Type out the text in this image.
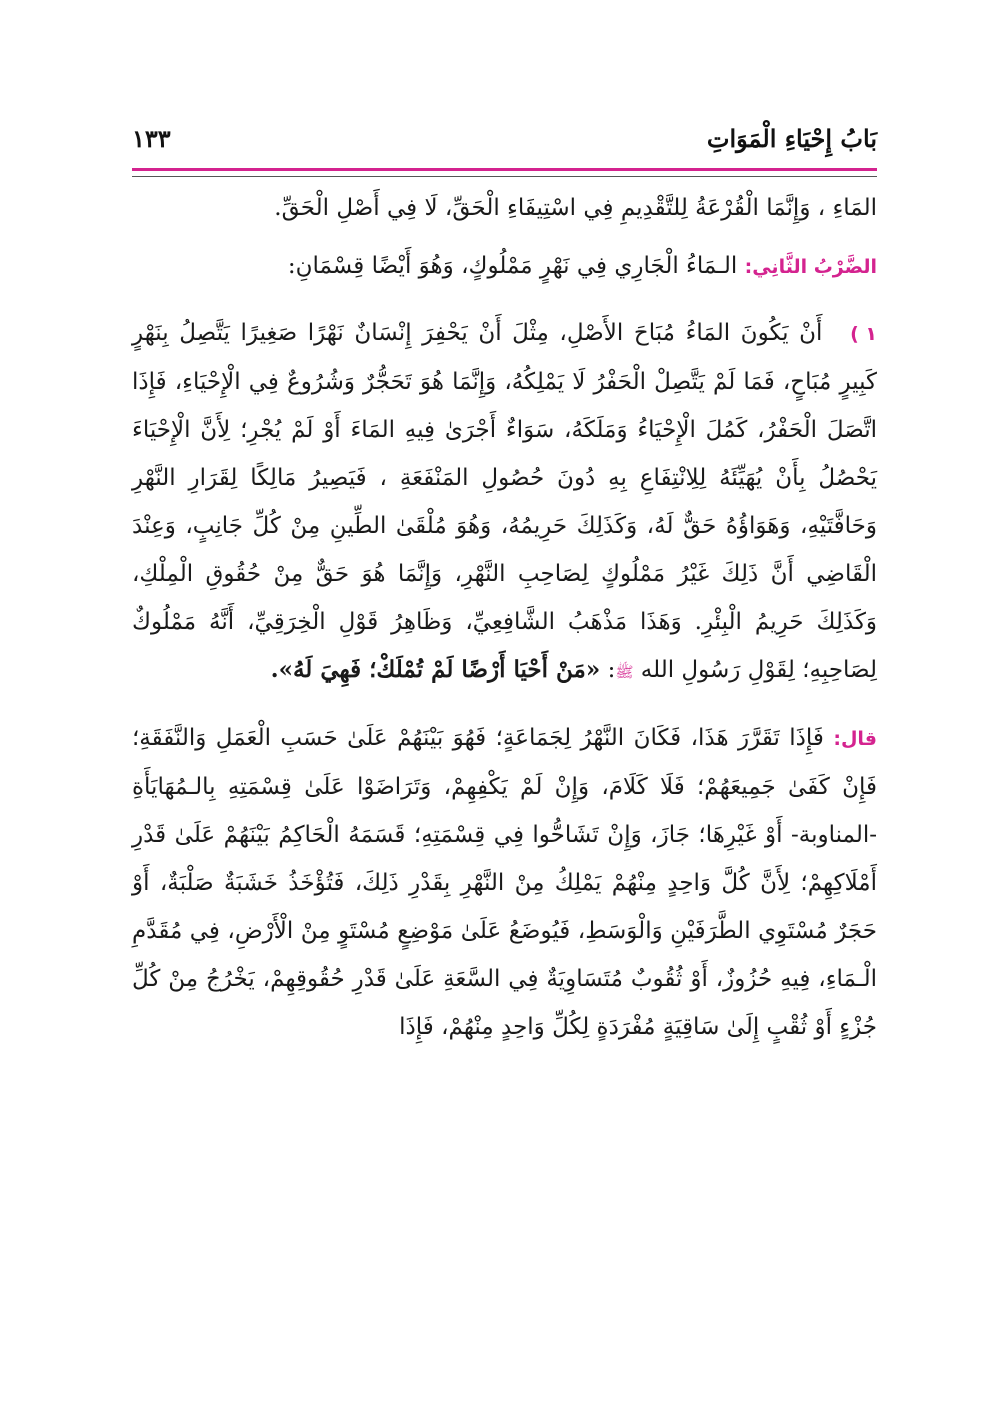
بَابُ إِحْيَاءِ الْمَوَاتِ
١٣٣

المَاءِ ، وَإِنَّمَا الْقُرْعَةُ لِلتَّقْدِيمِ فِي اسْتِيفَاءِ الْحَقِّ، لَا فِي أَصْلِ الْحَقِّ.

الضَّرْبُ الثَّانِي: الـمَاءُ الْجَارِي فِي نَهْرٍ مَمْلُوكٍ، وَهُوَ أَيْضًا قِسْمَانِ:

١ ) أَنْ يَكُونَ المَاءُ مُبَاحَ الأَصْلِ، مِثْلَ أَنْ يَحْفِرَ إِنْسَانٌ نَهْرًا صَغِيرًا يَتَّصِلُ بِنَهْرٍ كَبِيرٍ مُبَاحٍ، فَمَا لَمْ يَتَّصِلْ الْحَفْرُ لَا يَمْلِكُهُ، وَإِنَّمَا هُوَ تَحَجُّرٌ وَشُرُوعٌ فِي الْإِحْيَاءِ، فَإِذَا اتَّصَلَ الْحَفْرُ، كَمُلَ الْإِحْيَاءُ وَمَلَكَهُ، سَوَاءٌ أَجْرَىٰ فِيهِ المَاءَ أَوْ لَمْ يُجْرِ؛ لِأَنَّ الْإِحْيَاءَ يَحْصُلُ بِأَنْ يُهَيِّئَهُ لِلِانْتِفَاعِ بِهِ دُونَ حُصُولِ المَنْفَعَةِ ، فَيَصِيرُ مَالِكًا لِقَرَارِ النَّهْرِ وَحَافَّتَيْهِ، وَهَوَاؤُهُ حَقٌّ لَهُ، وَكَذَلِكَ حَرِيمُهُ، وَهُوَ مُلْقَىٰ الطِّينِ مِنْ كُلِّ جَانِبٍ، وَعِنْدَ الْقَاضِي أَنَّ ذَلِكَ غَيْرُ مَمْلُوكٍ لِصَاحِبِ النَّهْرِ، وَإِنَّمَا هُوَ حَقٌّ مِنْ حُقُوقِ الْمِلْكِ، وَكَذَلِكَ حَرِيمُ الْبِئْرِ. وَهَذَا مَذْهَبُ الشَّافِعِيِّ، وَظَاهِرُ قَوْلِ الْخِرَقِيِّ، أَنَّهُ مَمْلُوكٌ لِصَاحِبِهِ؛ لِقَوْلِ رَسُولِ الله ﷺ: «مَنْ أَحْيَا أَرْضًا لَمْ تُمْلَكْ؛ فَهِيَ لَهُ».

قال: فَإِذَا تَقَرَّرَ هَذَا، فَكَانَ النَّهْرُ لِجَمَاعَةٍ؛ فَهُوَ بَيْنَهُمْ عَلَىٰ حَسَبِ الْعَمَلِ وَالنَّفَقَةِ؛ فَإِنْ كَفَىٰ جَمِيعَهُمْ؛ فَلَا كَلَامَ، وَإِنْ لَمْ يَكْفِهِمْ، وَتَرَاضَوْا عَلَىٰ قِسْمَتِهِ بِالـمُهَايَأَةِ -المناوبة- أَوْ غَيْرِهَا؛ جَازَ، وَإِنْ تَشَاحُّوا فِي قِسْمَتِهِ؛ قَسَمَهُ الْحَاكِمُ بَيْنَهُمْ عَلَىٰ قَدْرِ أَمْلَاكِهِمْ؛ لِأَنَّ كُلَّ وَاحِدٍ مِنْهُمْ يَمْلِكُ مِنْ النَّهْرِ بِقَدْرِ ذَلِكَ، فَتُؤْخَذُ خَشَبَةٌ صَلْبَةٌ، أَوْ حَجَرٌ مُسْتَوِي الطَّرَفَيْنِ وَالْوَسَطِ، فَيُوضَعُ عَلَىٰ مَوْضِعٍ مُسْتَوٍ مِنْ الْأَرْضِ، فِي مُقَدَّمِ الْـمَاءِ، فِيهِ حُزُوزٌ، أَوْ ثُقُوبٌ مُتَسَاوِيَةٌ فِي السَّعَةِ عَلَىٰ قَدْرِ حُقُوقِهِمْ، يَخْرُجُ مِنْ كُلِّ جُزْءٍ أَوْ ثُقْبٍ إِلَىٰ سَاقِيَةٍ مُفْرَدَةٍ لِكُلِّ وَاحِدٍ مِنْهُمْ، فَإِذَا
